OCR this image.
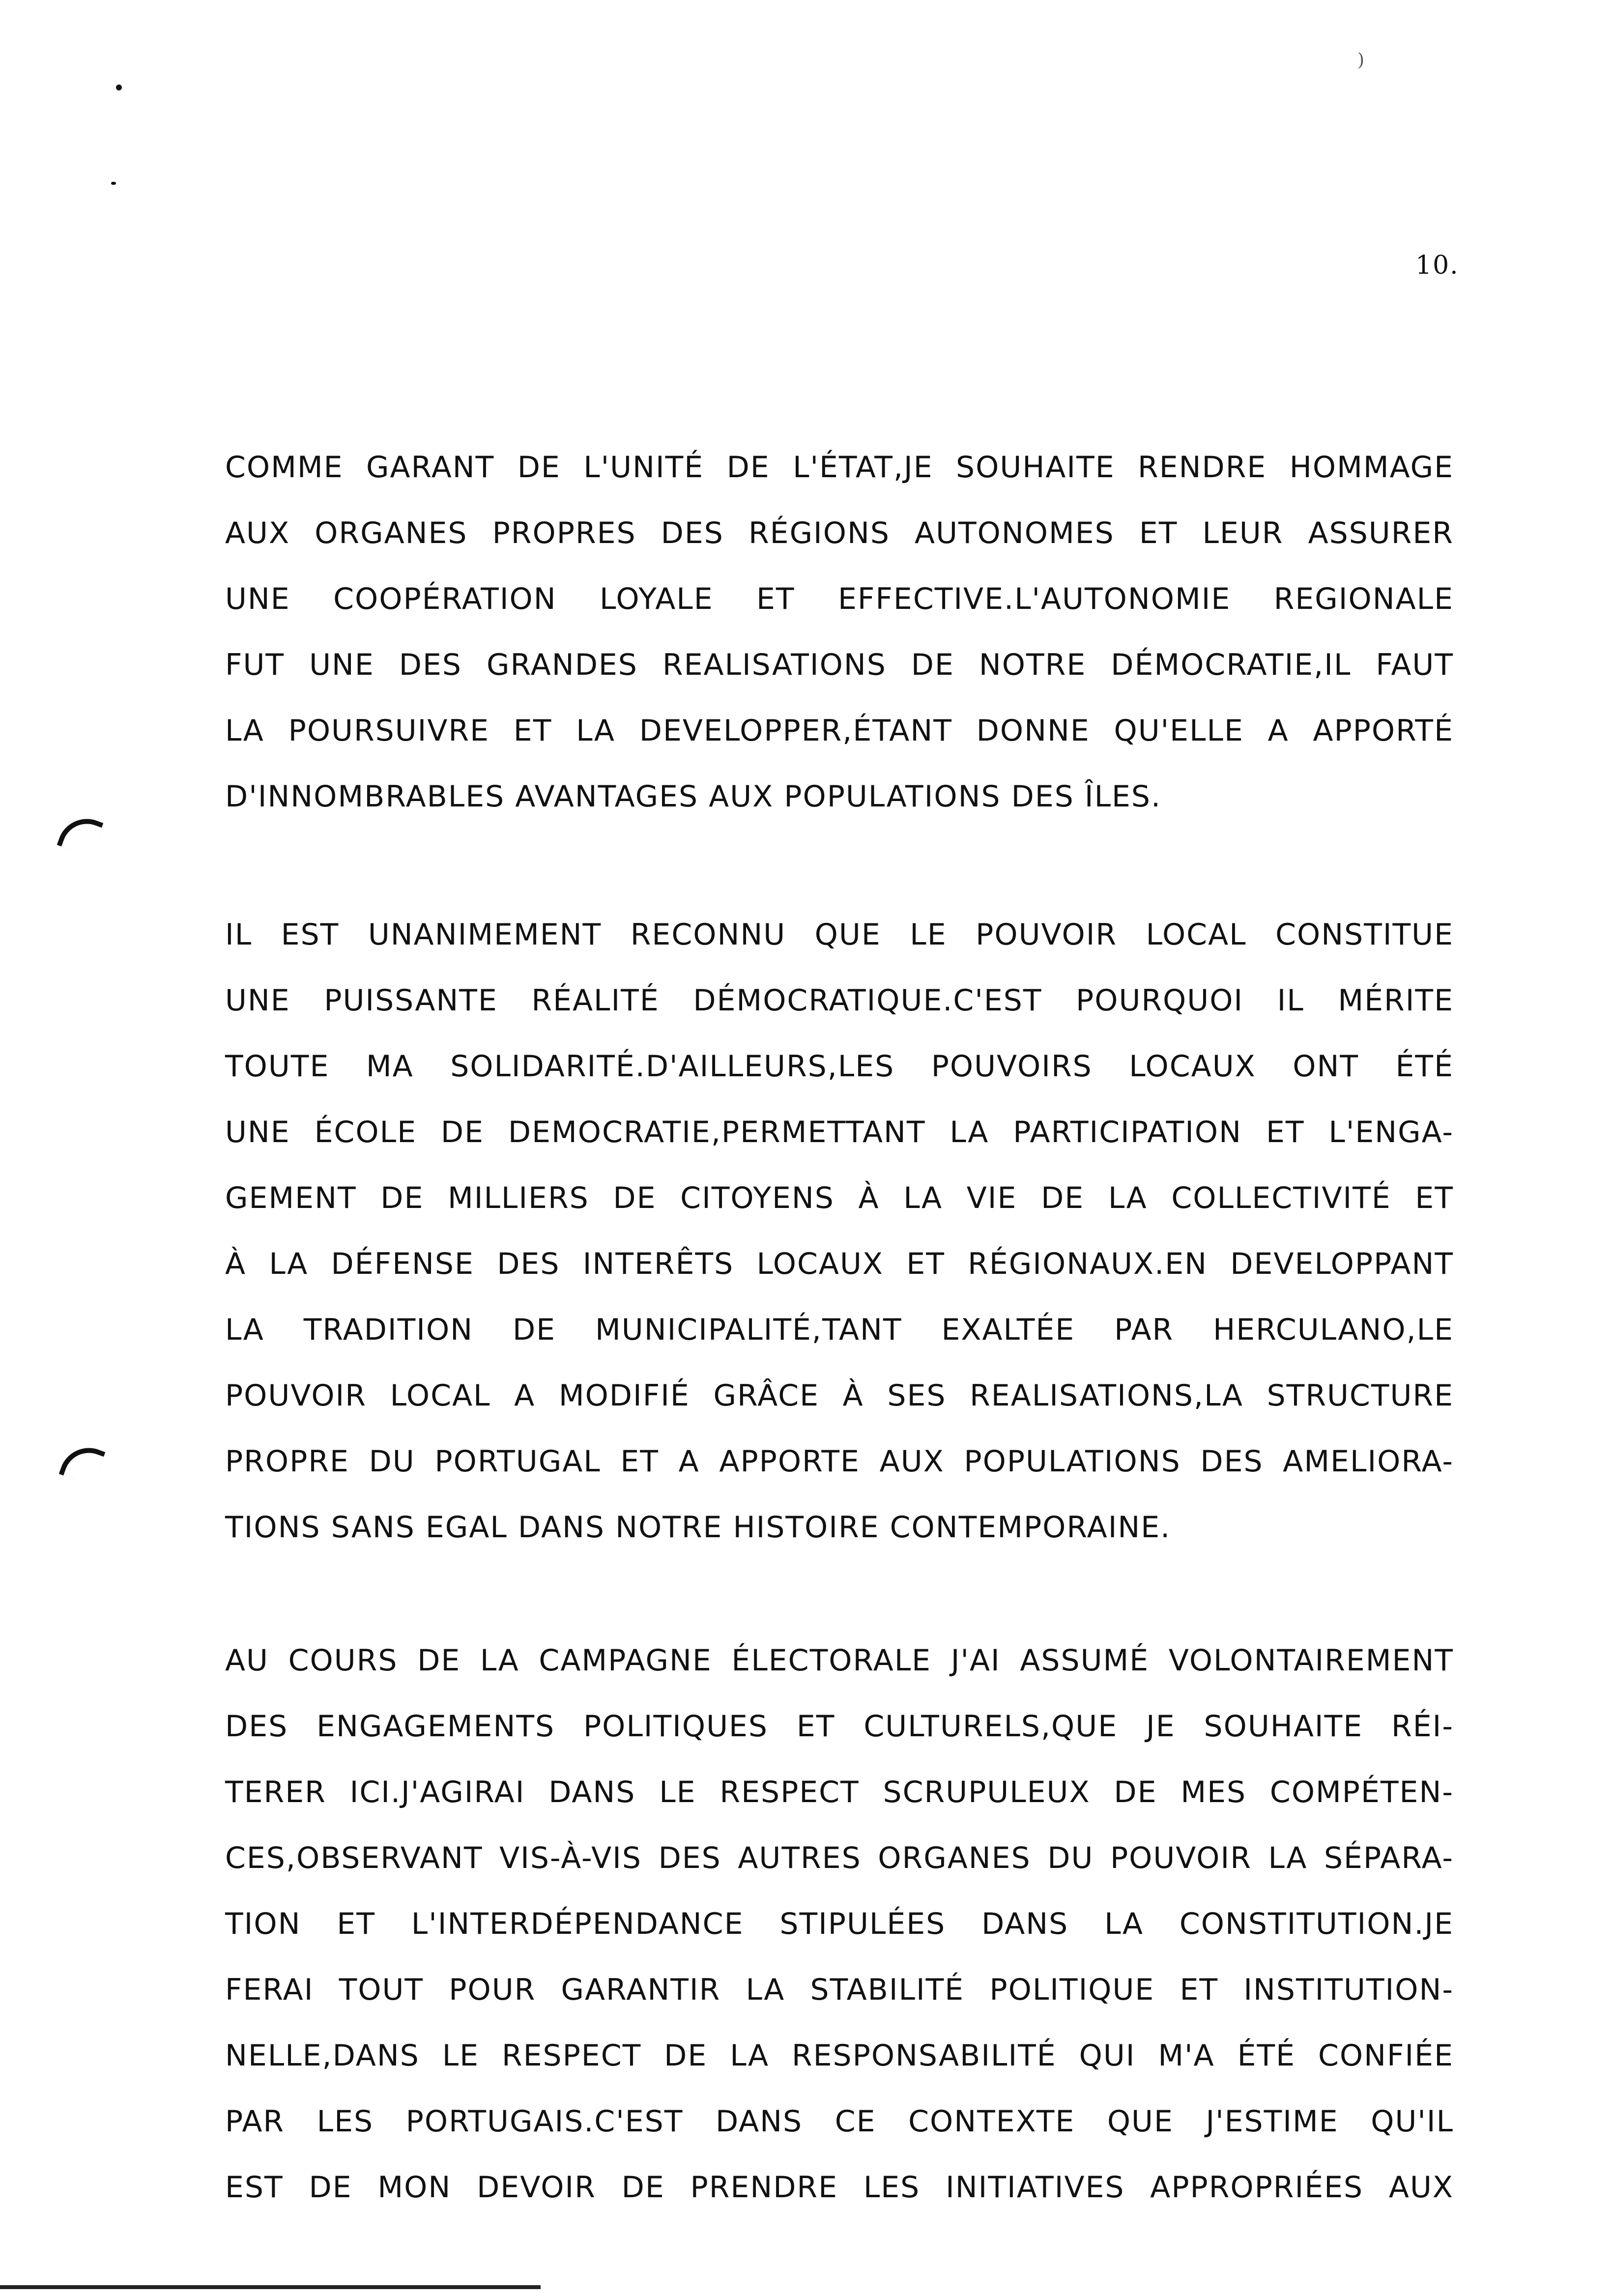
)
10.
COMME GARANT DE L'UNITÉ DE L'ÉTAT,JE SOUHAITE RENDRE HOMMAGE
AUX ORGANES PROPRES DES RÉGIONS AUTONOMES ET LEUR ASSURER
UNE COOPÉRATION LOYALE ET EFFECTIVE.L'AUTONOMIE REGIONALE
FUT UNE DES GRANDES REALISATIONS DE NOTRE DÉMOCRATIE,IL FAUT
LA POURSUIVRE ET LA DEVELOPPER,ÉTANT DONNE QU'ELLE A APPORTÉ
D'INNOMBRABLES AVANTAGES AUX POPULATIONS DES ÎLES.
IL EST UNANIMEMENT RECONNU QUE LE POUVOIR LOCAL CONSTITUE
UNE PUISSANTE RÉALITÉ DÉMOCRATIQUE.C'EST POURQUOI IL MÉRITE
TOUTE MA SOLIDARITÉ.D'AILLEURS,LES POUVOIRS LOCAUX ONT ÉTÉ
UNE ÉCOLE DE DEMOCRATIE,PERMETTANT LA PARTICIPATION ET L'ENGA-
GEMENT DE MILLIERS DE CITOYENS À LA VIE DE LA COLLECTIVITÉ ET
À LA DÉFENSE DES INTERÊTS LOCAUX ET RÉGIONAUX.EN DEVELOPPANT
LA TRADITION DE MUNICIPALITÉ,TANT EXALTÉE PAR HERCULANO,LE
POUVOIR LOCAL A MODIFIÉ GRÂCE À SES REALISATIONS,LA STRUCTURE
PROPRE DU PORTUGAL ET A APPORTE AUX POPULATIONS DES AMELIORA-
TIONS SANS EGAL DANS NOTRE HISTOIRE CONTEMPORAINE.
AU COURS DE LA CAMPAGNE ÉLECTORALE J'AI ASSUMÉ VOLONTAIREMENT
DES ENGAGEMENTS POLITIQUES ET CULTURELS,QUE JE SOUHAITE RÉI-
TERER ICI.J'AGIRAI DANS LE RESPECT SCRUPULEUX DE MES COMPÉTEN-
CES,OBSERVANT VIS-À-VIS DES AUTRES ORGANES DU POUVOIR LA SÉPARA-
TION ET L'INTERDÉPENDANCE STIPULÉES DANS LA CONSTITUTION.JE
FERAI TOUT POUR GARANTIR LA STABILITÉ POLITIQUE ET INSTITUTION-
NELLE,DANS LE RESPECT DE LA RESPONSABILITÉ QUI M'A ÉTÉ CONFIÉE
PAR LES PORTUGAIS.C'EST DANS CE CONTEXTE QUE J'ESTIME QU'IL
EST DE MON DEVOIR DE PRENDRE LES INITIATIVES APPROPRIÉES AUX
